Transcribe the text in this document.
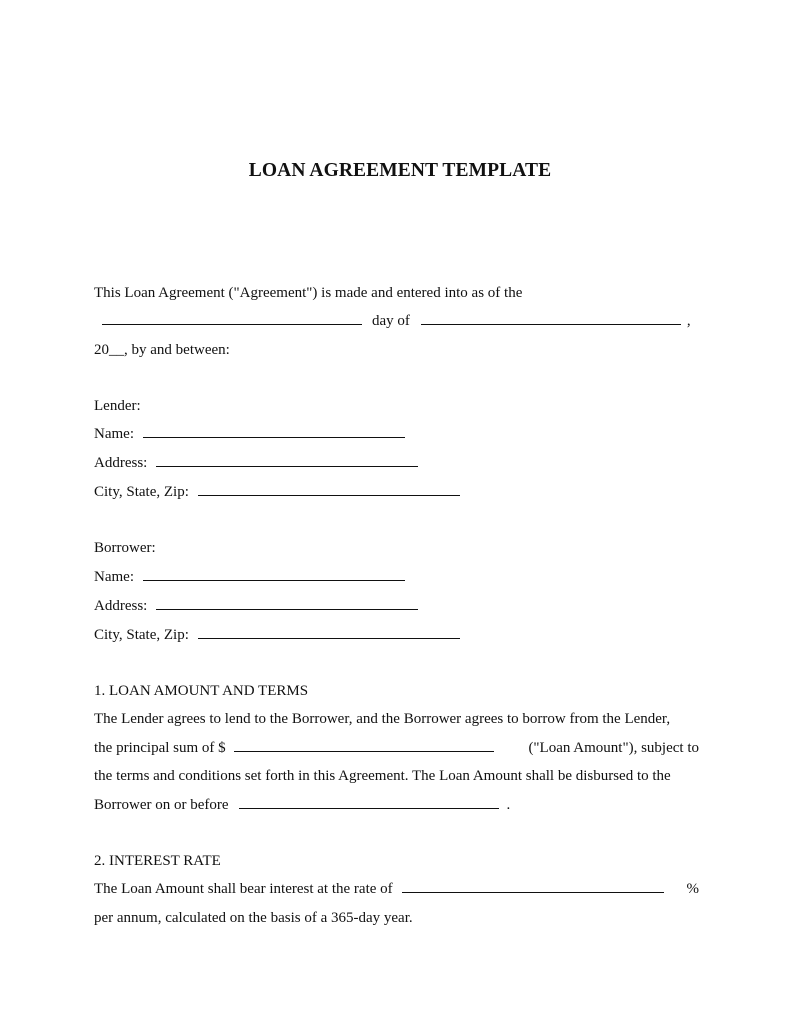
LOAN AGREEMENT TEMPLATE
This Loan Agreement ("Agreement") is made and entered into as of the
day of	,
20__, by and between:
Lender:
Name:
Address:
City, State, Zip:
Borrower:
Name:
Address:
City, State, Zip:
1. LOAN AMOUNT AND TERMS
The Lender agrees to lend to the Borrower, and the Borrower agrees to borrow from the Lender,
the principal sum of $	("Loan Amount"), subject to
the terms and conditions set forth in this Agreement. The Loan Amount shall be disbursed to the
Borrower on or before	.
2. INTEREST RATE
The Loan Amount shall bear interest at the rate of	%
per annum, calculated on the basis of a 365-day year.
